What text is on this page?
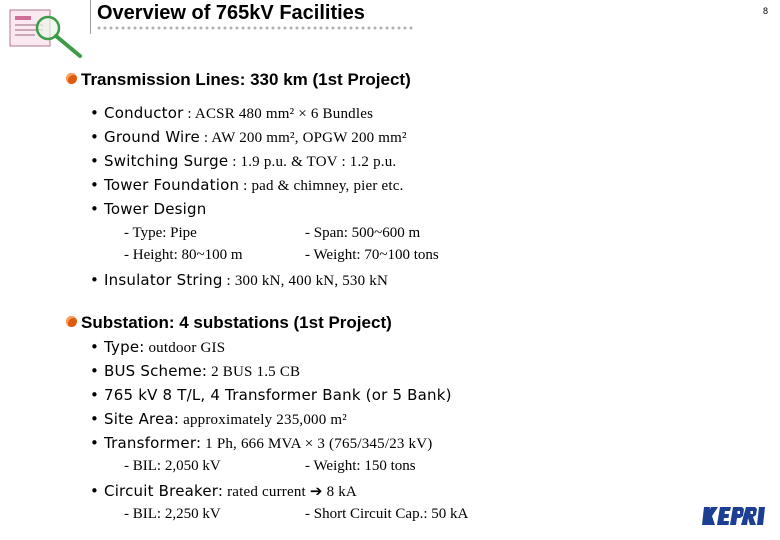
Overview of 765kV Facilities	8
Transmission Lines: 330 km (1st Project)
• Conductor : ACSR 480 mm² × 6 Bundles
• Ground Wire : AW 200 mm², OPGW 200 mm²
• Switching Surge : 1.9 p.u. & TOV : 1.2 p.u.
• Tower Foundation : pad & chimney, pier etc.
• Tower Design
- Type: Pipe	- Span: 500~600 m
- Height: 80~100 m	- Weight: 70~100 tons
• Insulator String : 300 kN, 400 kN, 530 kN
Substation: 4 substations (1st Project)
• Type: outdoor GIS
• BUS Scheme: 2 BUS 1.5 CB
• 765 kV 8 T/L, 4 Transformer Bank (or 5 Bank)
• Site Area: approximately 235,000 m²
• Transformer: 1 Ph, 666 MVA × 3 (765/345/23 kV)
- BIL: 2,050 kV	- Weight: 150 tons
• Circuit Breaker: rated current ➔ 8 kA
- BIL: 2,250 kV	- Short Circuit Cap.: 50 kA
